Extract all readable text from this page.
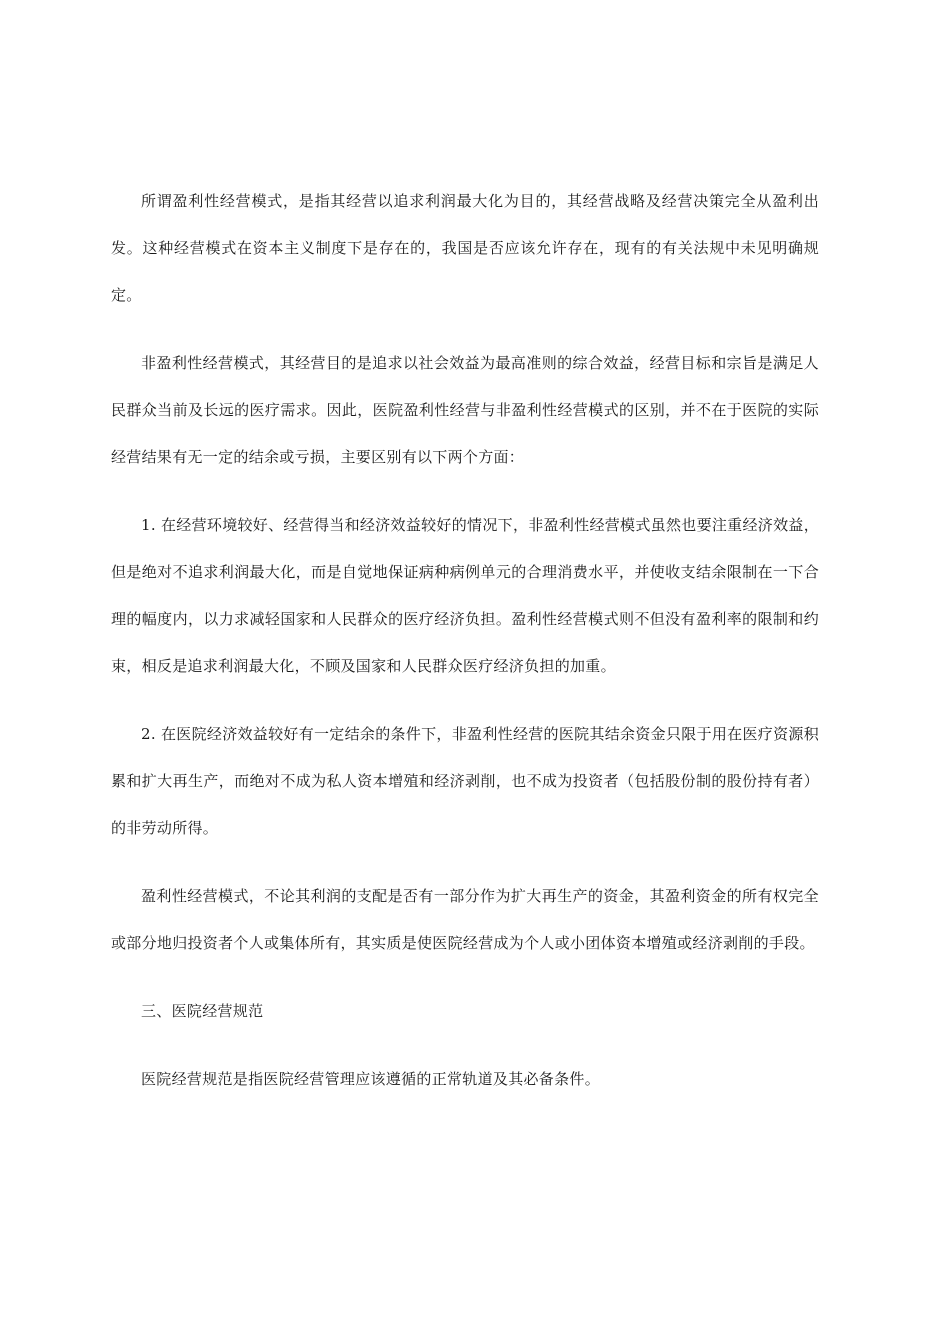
所谓盈利性经营模式，是指其经营以追求利润最大化为目的，其经营战略及经营决策完全从盈利出发。这种经营模式在资本主义制度下是存在的，我国是否应该允许存在，现有的有关法规中未见明确规定。

非盈利性经营模式，其经营目的是追求以社会效益为最高准则的综合效益，经营目标和宗旨是满足人民群众当前及长远的医疗需求。因此，医院盈利性经营与非盈利性经营模式的区别，并不在于医院的实际经营结果有无一定的结余或亏损，主要区别有以下两个方面：

1. 在经营环境较好、经营得当和经济效益较好的情况下，非盈利性经营模式虽然也要注重经济效益，但是绝对不追求利润最大化，而是自觉地保证病种病例单元的合理消费水平，并使收支结余限制在一下合理的幅度内，以力求减轻国家和人民群众的医疗经济负担。盈利性经营模式则不但没有盈利率的限制和约束，相反是追求利润最大化，不顾及国家和人民群众医疗经济负担的加重。

2. 在医院经济效益较好有一定结余的条件下，非盈利性经营的医院其结余资金只限于用在医疗资源积累和扩大再生产，而绝对不成为私人资本增殖和经济剥削，也不成为投资者（包括股份制的股份持有者）的非劳动所得。

盈利性经营模式，不论其利润的支配是否有一部分作为扩大再生产的资金，其盈利资金的所有权完全或部分地归投资者个人或集体所有，其实质是使医院经营成为个人或小团体资本增殖或经济剥削的手段。

三、医院经营规范

医院经营规范是指医院经营管理应该遵循的正常轨道及其必备条件。
